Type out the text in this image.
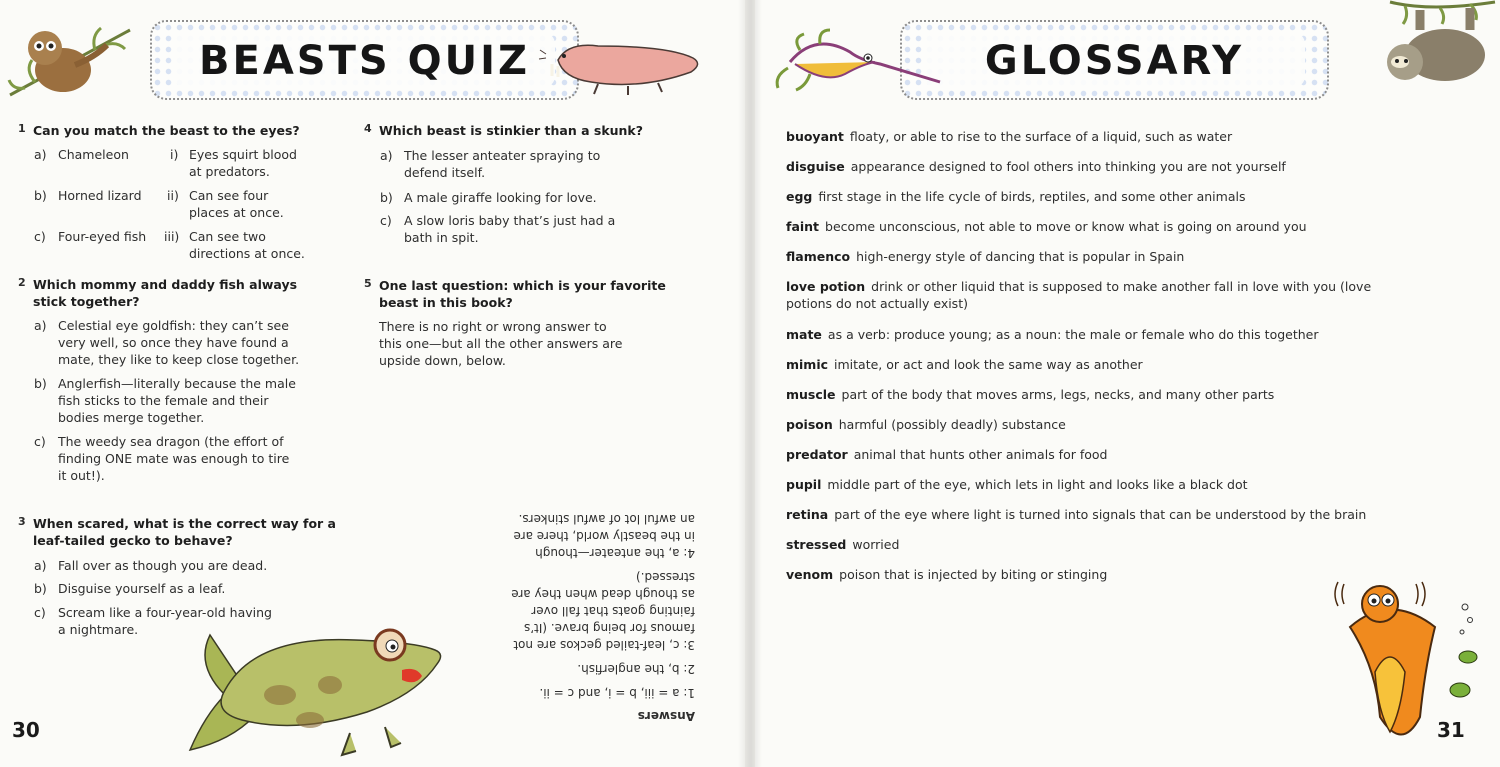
BEASTS QUIZ
1 Can you match the beast to the eyes?
a) Chameleon	i) Eyes squirt blood
at predators.
b) Horned lizard ii) Can see four
places at once.
c) Four-eyed fish iii) Can see two
directions at once.
2 Which mommy and daddy fish always
stick together?
a) Celestial eye goldfish: they can’t see
very well, so once they have found a
mate, they like to keep close together.
b) Anglerfish—literally because the male
fish sticks to the female and their
bodies merge together.
c) The weedy sea dragon (the effort of
finding ONE mate was enough to tire
it out!).
3 When scared, what is the correct way for a
leaf-tailed gecko to behave?
a) Fall over as though you are dead.
b) Disguise yourself as a leaf.
c) Scream like a four-year-old having
a nightmare.
4 Which beast is stinkier than a skunk?
a) The lesser anteater spraying to
defend itself.
b) A male giraffe looking for love.
c) A slow loris baby that’s just had a
bath in spit.
5 One last question: which is your favorite
beast in this book?
There is no right or wrong answer to
this one—but all the other answers are
upside down, below.
Answers

1: a = iii, b = i, and c = ii.

2: b, the anglerfish.

3: c, leaf-tailed geckos are not
famous for being brave. (It’s
fainting goats that fall over
as though dead when they are
stressed.)

4: a, the anteater—though
in the beastly world, there are
an awful lot of awful stinkers.

30
GLOSSARY
buoyant floaty, or able to rise to the surface of a liquid, such as water
disguise appearance designed to fool others into thinking you are not yourself
egg first stage in the life cycle of birds, reptiles, and some other animals
faint become unconscious, not able to move or know what is going on around you
flamenco high-energy style of dancing that is popular in Spain
love potion drink or other liquid that is supposed to make another fall in love with you (love
potions do not actually exist)
mate as a verb: produce young; as a noun: the male or female who do this together
mimic imitate, or act and look the same way as another
muscle part of the body that moves arms, legs, necks, and many other parts
poison harmful (possibly deadly) substance
predator animal that hunts other animals for food
pupil middle part of the eye, which lets in light and looks like a black dot
retina part of the eye where light is turned into signals that can be understood by the brain
stressed worried
venom poison that is injected by biting or stinging
31
